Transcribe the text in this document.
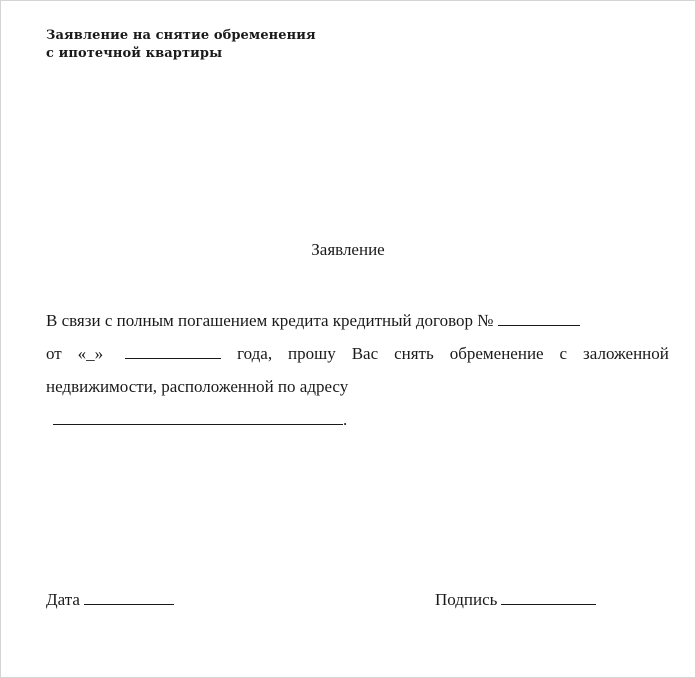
Заявление на снятие обременения
с ипотечной квартиры
Заявление
В связи с полным погашением кредита кредитный договор №
от «_»	года, прошу Вас снять обременение с заложенной
недвижимости, расположенной по адресу
.
Дата	Подпись
